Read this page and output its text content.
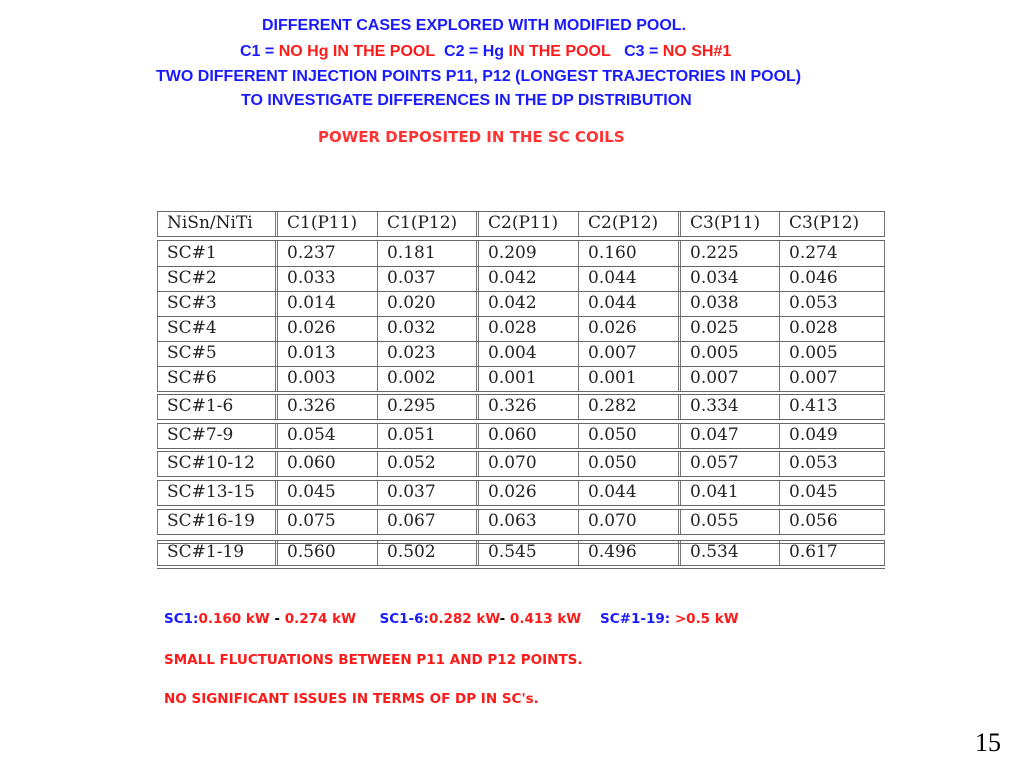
DIFFERENT CASES EXPLORED WITH MODIFIED POOL.
C1 = NO Hg IN THE POOL C2 = Hg IN THE POOL C3 = NO SH#1
TWO DIFFERENT INJECTION POINTS P11, P12 (LONGEST TRAJECTORIES IN POOL)
TO INVESTIGATE DIFFERENCES IN THE DP DISTRIBUTION
POWER DEPOSITED IN THE SC COILS
NiSn/NiTi	C1(P11)	C1(P12)	C2(P11)	C2(P12)	C3(P11)	C3(P12)
SC#1	0.237	0.181	0.209	0.160	0.225	0.274
SC#2	0.033	0.037	0.042	0.044	0.034	0.046
SC#3	0.014	0.020	0.042	0.044	0.038	0.053
SC#4	0.026	0.032	0.028	0.026	0.025	0.028
SC#5	0.013	0.023	0.004	0.007	0.005	0.005
SC#6	0.003	0.002	0.001	0.001	0.007	0.007
SC#1-6	0.326	0.295	0.326	0.282	0.334	0.413
SC#7-9	0.054	0.051	0.060	0.050	0.047	0.049
SC#10-12	0.060	0.052	0.070	0.050	0.057	0.053
SC#13-15	0.045	0.037	0.026	0.044	0.041	0.045
SC#16-19	0.075	0.067	0.063	0.070	0.055	0.056
SC#1-19	0.560	0.502	0.545	0.496	0.534	0.617
SC1:0.160 kW - 0.274 kW SC1-6:0.282 kW- 0.413 kW SC#1-19: >0.5 kW
SMALL FLUCTUATIONS BETWEEN P11 AND P12 POINTS.
NO SIGNIFICANT ISSUES IN TERMS OF DP IN SC's.
15
